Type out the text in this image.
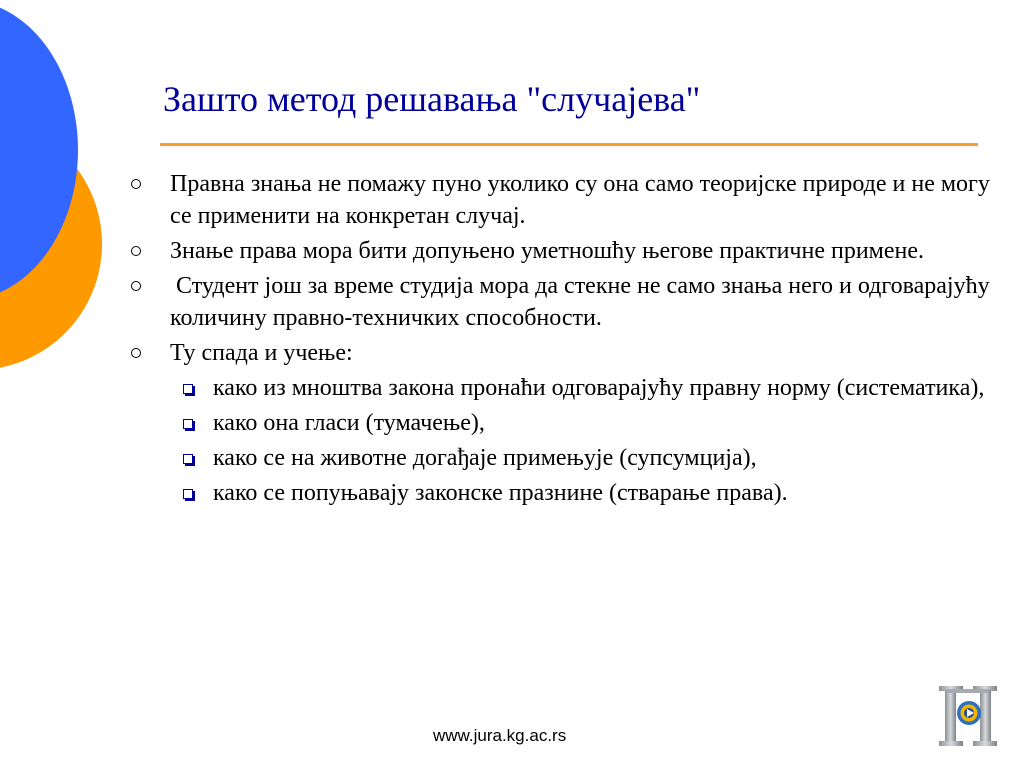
Зашто метод решавања "случајева"
Правна знања не помажу пуно уколико су она само теоријске природе и не могу се применити на конкретан случај.
Знање права мора бити допуњено уметношћу његове практичне примене.
Студент још за време студија мора да стекне не само знања него и одговарајућу количину правно-техничких способности.
Ту спада и учење:
како из мноштва закона пронаћи одговарајућу правну норму (систематика),
како она гласи (тумачење),
како се на животне догађаје примењује (супсумција),
како се попуњавају законске празнине (стварање права).
www.jura.kg.ac.rs
